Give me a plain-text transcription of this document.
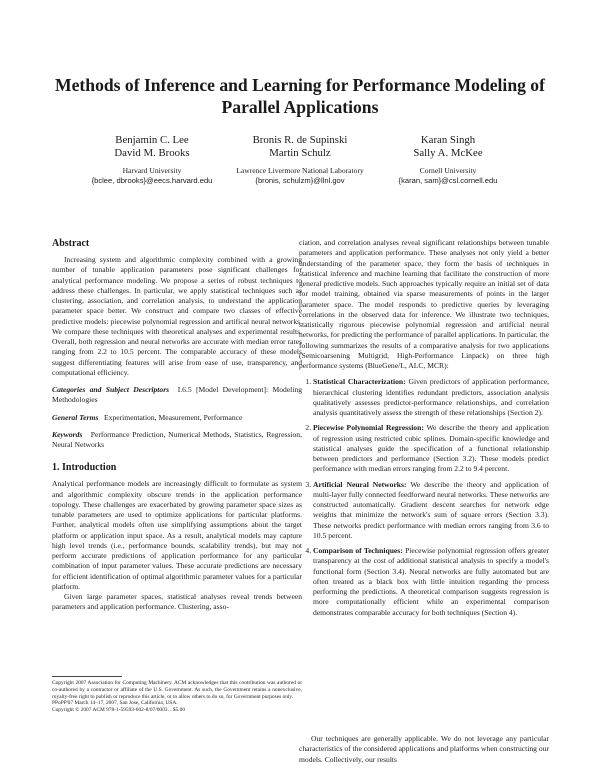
Methods of Inference and Learning for Performance Modeling of Parallel Applications
Benjamin C. Lee
David M. Brooks
Harvard University
{bclee, dbrooks}@eecs.harvard.edu
Bronis R. de Supinski
Martin Schulz
Lawrence Livermore National Laboratory
{bronis, schulzm}@llnl.gov
Karan Singh
Sally A. McKee
Cornell University
{karan, sam}@csl.cornell.edu
Abstract

Increasing system and algorithmic complexity combined with a growing number of tunable application parameters pose significant challenges for analytical performance modeling. We propose a series of robust techniques to address these challenges. In particular, we apply statistical techniques such as clustering, association, and correlation analysis, to understand the application parameter space better. We construct and compare two classes of effective predictive models: piecewise polynomial regression and artifical neural networks. We compare these techniques with theoretical analyses and experimental results. Overall, both regression and neural networks are accurate with median error rates ranging from 2.2 to 10.5 percent. The comparable accuracy of these models suggest differentiating features will arise from ease of use, transparency, and computational efficiency.

Categories and Subject Descriptors I.6.5 [Model Development]: Modeling Methodologies

General Terms Experimentation, Measurement, Performance

Keywords Performance Prediction, Numerical Methods, Statistics, Regression, Neural Networks

1. Introduction

Analytical performance models are increasingly difficult to formulate as system and algorithmic complexity obscure trends in the application performance topology. These challenges are exacerbated by growing parameter space sizes as tunable parameters are used to optimize applications for particular platforms. Further, analytical models often use simplifying assumptions about the target platform or application input space. As a result, analytical models may capture high level trends (i.e., performance bounds, scalability trends), but may not perform accurate predictions of application performance for any particular combination of input parameter values. These accurate predictions are necessary for efficient identification of optimal algorithmic parameter values for a particular platform.

Given large parameter spaces, statistical analyses reveal trends between parameters and application performance. Clustering, asso-

ciation, and correlation analyses reveal significant relationships between tunable parameters and application performance. These analyses not only yield a better understanding of the parameter space, they form the basis of techniques in statistical inference and machine learning that facilitate the construction of more general predictive models. Such approaches typically require an initial set of data for model training, obtained via sparse measurements of points in the larger parameter space. The model responds to predictive queries by leveraging correlations in the observed data for inference. We illustrate two techniques, statistically rigorous piecewise polynomial regression and artificial neural networks, for predicting the performance of parallel applications. In particular, the following summarizes the results of a comparative analysis for two applications (Semicoarsening Multigrid, High-Performance Linpack) on three high performance systems (BlueGene/L, ALC, MCR):

1. Statistical Characterization: Given predictors of application performance, hierarchical clustering identifies redundant predictors, association analysis qualitatively assesses predictor-performance relationships, and correlation analysis quantitatively assess the strength of these relationships (Section 2).
2. Piecewise Polynomial Regression: We describe the theory and application of regression using restricted cubic splines. Domain-specific knowledge and statistical analyses guide the specification of a functional relationship between predictors and performance (Section 3.2). These models predict performance with median errors ranging from 2.2 to 9.4 percent.
3. Artificial Neural Networks: We describe the theory and application of multi-layer fully connected feedforward neural networks. These networks are constructed automatically. Gradient descent searches for network edge weights that minimize the network's sum of square errors (Section 3.3). These networks predict performance with median errors ranging from 3.6 to 10.5 percent.
4. Comparison of Techniques: Piecewise polynomial regression offers greater transparency at the cost of additional statistical analysis to specify a model's functional form (Section 3.4). Neural networks are fully automated but are often treated as a black box with little intuition regarding the process performing the predictions. A theoretical comparison suggests regression is more computationally efficient while an experimental comparison demonstrates comparable accuracy for both techniques (Section 4).
Copyright 2007 Association for Computing Machinery. ACM acknowledges that this contribution was authored or co-authored by a contractor or affiliate of the U.S. Government. As such, the Government retains a nonexclusive, royalty-free right to publish or reproduce this article, or to allow others to do so, for Government purposes only.
PPoPP'07 March 14–17, 2007, San Jose, California, USA.
Copyright © 2007 ACM 978-1-59593-602-8/07/0003…$5.00

Our techniques are generally applicable. We do not leverage any particular characteristics of the considered applications and platforms when constructing our models. Collectively, our results
